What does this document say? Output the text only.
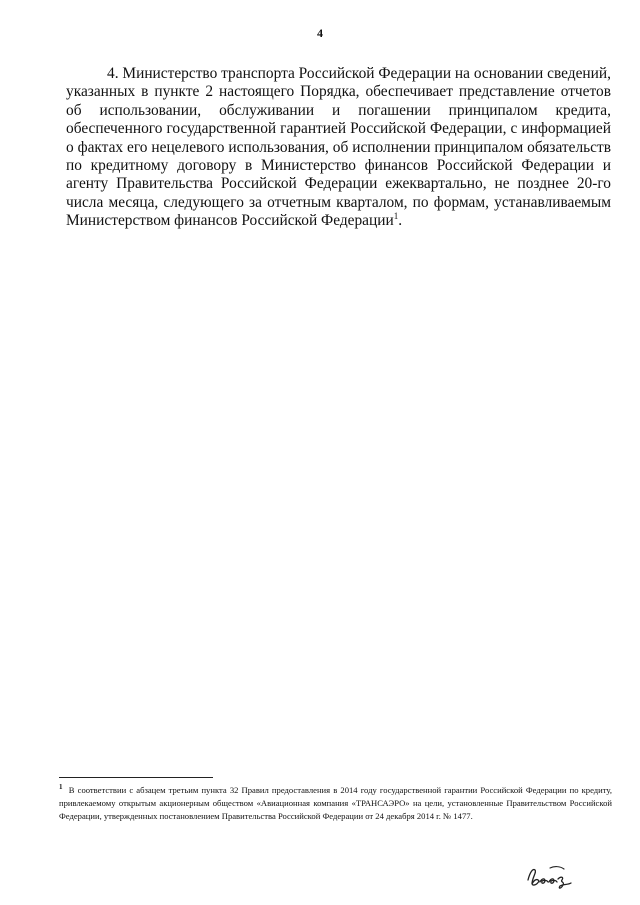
4

4. Министерство транспорта Российской Федерации на основании сведений, указанных в пункте 2 настоящего Порядка, обеспечивает представление отчетов об использовании, обслуживании и погашении принципалом кредита, обеспеченного государственной гарантией Российской Федерации, с информацией о фактах его нецелевого использования, об исполнении принципалом обязательств по кредитному договору в Министерство финансов Российской Федерации и агенту Правительства Российской Федерации ежеквартально, не позднее 20-го числа месяца, следующего за отчетным кварталом, по формам, устанавливаемым Министерством финансов Российской Федерации$^1$.

$^1$ В соответствии с абзацем третьим пункта 32 Правил предоставления в 2014 году государственной гарантии Российской Федерации по кредиту, привлекаемому открытым акционерным обществом «Авиационная компания «ТРАНСАЭРО» на цели, установленные Правительством Российской Федерации, утвержденных постановлением Правительства Российской Федерации от 24 декабря 2014 г. № 1477.
